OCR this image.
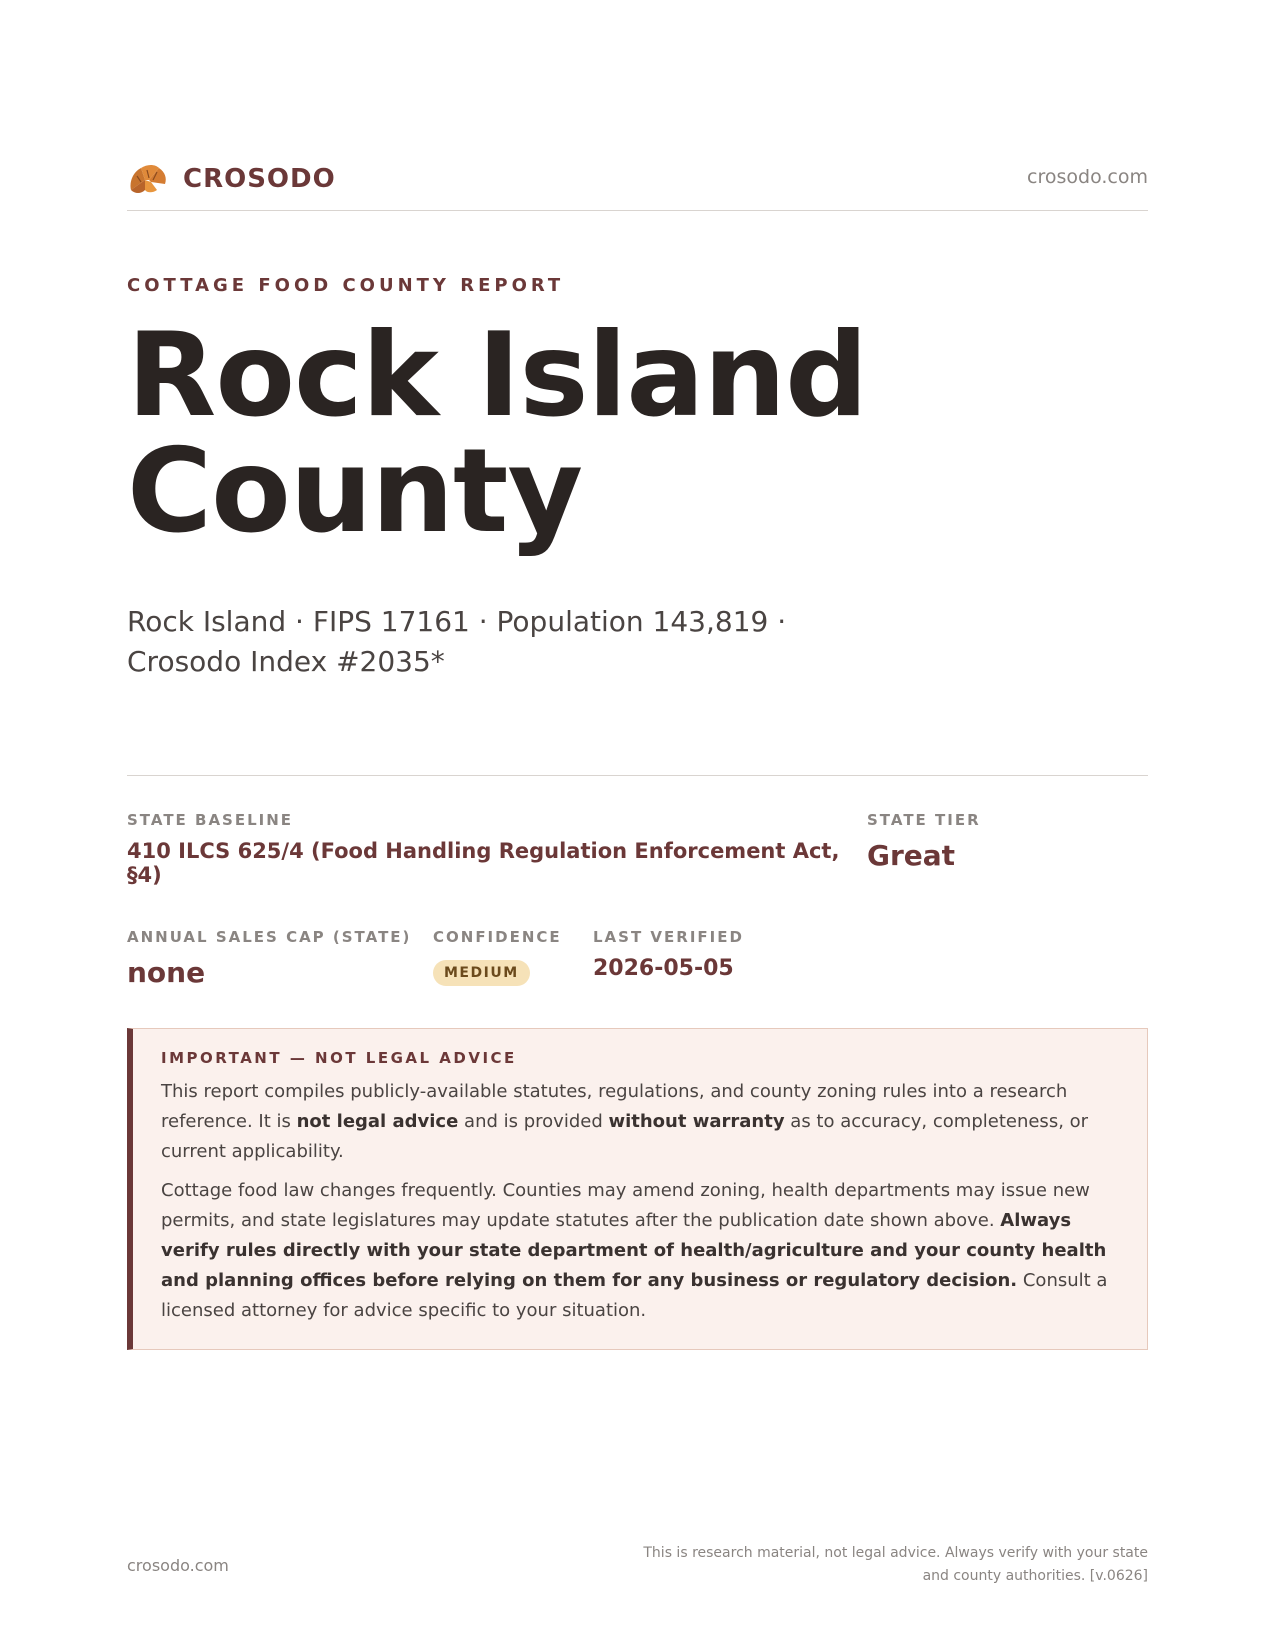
CROSODO	crosodo.com
COTTAGE FOOD COUNTY REPORT
Rock Island County
Rock Island · FIPS 17161 · Population 143,819 · Crosodo Index #2035*
STATE BASELINE
410 ILCS 625/4 (Food Handling Regulation Enforcement Act, §4)
STATE TIER
Great
ANNUAL SALES CAP (STATE)
none
CONFIDENCE
MEDIUM
LAST VERIFIED
2026-05-05
IMPORTANT — NOT LEGAL ADVICE

This report compiles publicly-available statutes, regulations, and county zoning rules into a research reference. It is not legal advice and is provided without warranty as to accuracy, completeness, or current applicability.

Cottage food law changes frequently. Counties may amend zoning, health departments may issue new permits, and state legislatures may update statutes after the publication date shown above. Always verify rules directly with your state department of health/agriculture and your county health and planning offices before relying on them for any business or regulatory decision. Consult a licensed attorney for advice specific to your situation.

crosodo.com
This is research material, not legal advice. Always verify with your state and county authorities. [v.0626]
